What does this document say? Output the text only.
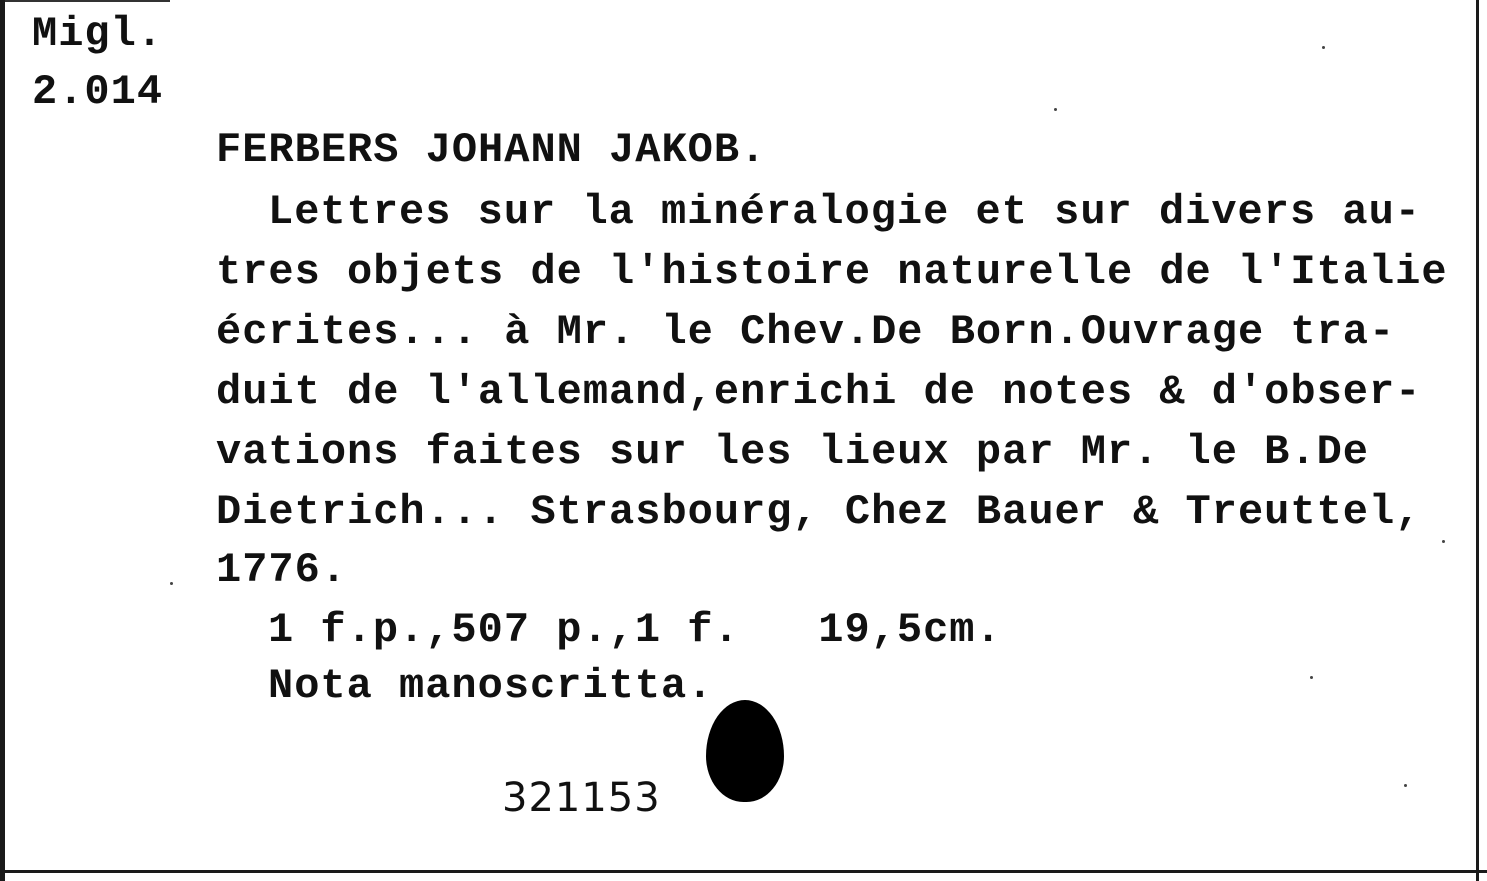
Migl.
2.014
FERBERS JOHANN JAKOB.
Lettres sur la minéralogie et sur divers au-
tres objets de l'histoire naturelle de l'Italie
écrites... à Mr. le Chev.De Born.Ouvrage tra-
duit de l'allemand,enrichi de notes & d'obser-
vations faites sur les lieux par Mr. le B.De
Dietrich... Strasbourg, Chez Bauer & Treuttel,
1776.
1 f.p.,507 p.,1 f.   19,5cm.
Nota manoscritta.
321153
